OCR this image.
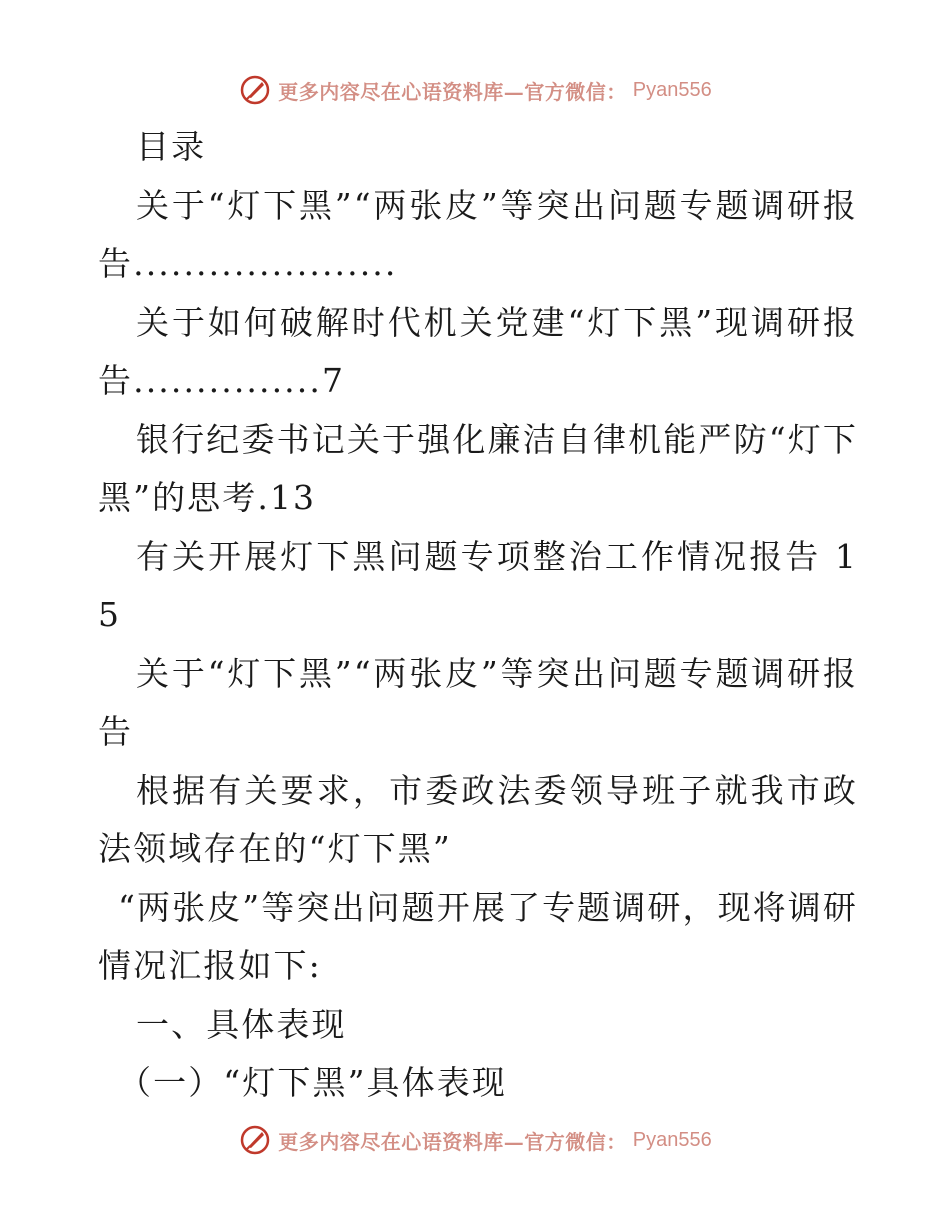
更多内容尽在心语资料库—官方微信： Pyan556

目录

关于“灯下黑”“两张皮”等突出问题专题调研报告.....................

关于如何破解时代机关党建“灯下黑”现调研报告...............7

银行纪委书记关于强化廉洁自律机能严防“灯下黑”的思考.13

有关开展灯下黑问题专项整治工作情况报告 15

关于“灯下黑”“两张皮”等突出问题专题调研报告

根据有关要求，市委政法委领导班子就我市政法领域存在的“灯下黑”

“两张皮”等突出问题开展了专题调研，现将调研情况汇报如下:

一、具体表现

（一）“灯下黑”具体表现

更多内容尽在心语资料库—官方微信： Pyan556
